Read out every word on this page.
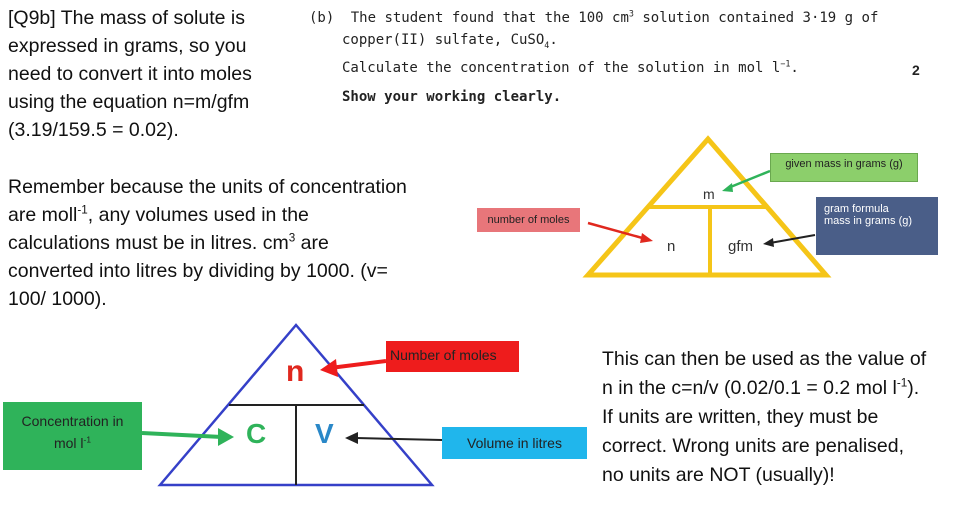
[Q9b] The mass of solute is
expressed in grams, so you
need to convert it into moles
using the equation n=m/gfm
(3.19/159.5 = 0.02).
(b) The student found that the 100 $cm^3$ solution contained 3·19 g of
copper(II) sulfate, CuSO$_4$.
Calculate the concentration of the solution in mol $l^{-1}$.	2
Show your working clearly.
Remember because the units of concentration
are moll$^{-1}$, any volumes used in the
calculations must be in litres. $cm^3$ are
converted into litres by dividing by 1000. (v=
100/ 1000).
m
n	gfm
given mass in grams (g)
number of moles
gram formula
mass in grams (g)
n
C V
Number of moles
Concentration in
mol $l^{-1}$	Volume in litres
This can then be used as the value of
n in the c=n/v (0.02/0.1 = 0.2 mol $l^{-1}$).
If units are written, they must be
correct. Wrong units are penalised,
no units are NOT (usually)!
